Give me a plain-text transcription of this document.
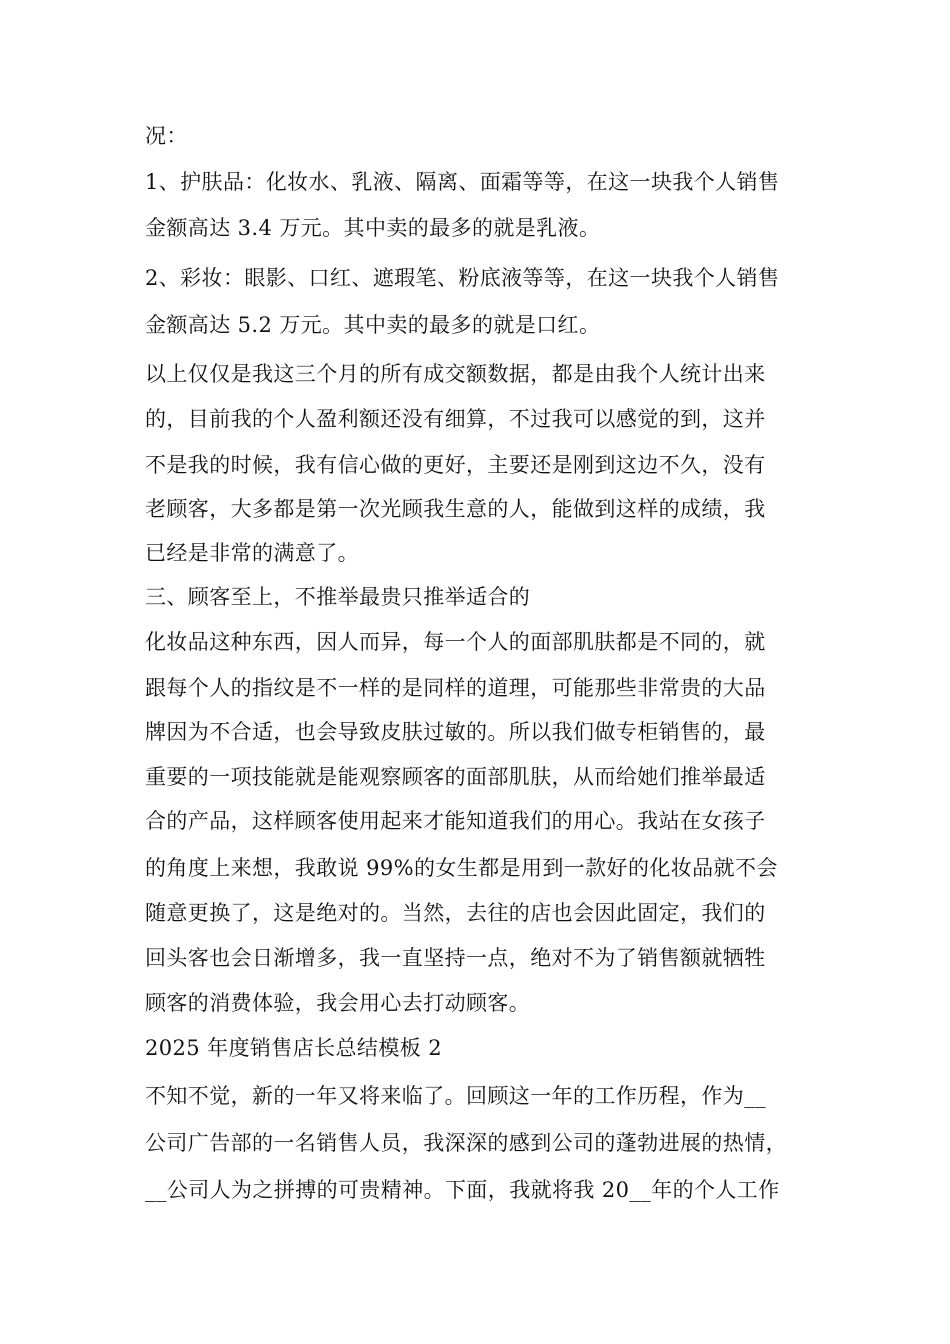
况：
1、护肤品：化妆水、乳液、隔离、面霜等等，在这一块我个人销售
金额高达 3.4 万元。其中卖的最多的就是乳液。
2、彩妆：眼影、口红、遮瑕笔、粉底液等等，在这一块我个人销售
金额高达 5.2 万元。其中卖的最多的就是口红。
以上仅仅是我这三个月的所有成交额数据，都是由我个人统计出来
的，目前我的个人盈利额还没有细算，不过我可以感觉的到，这并
不是我的时候，我有信心做的更好，主要还是刚到这边不久，没有
老顾客，大多都是第一次光顾我生意的人，能做到这样的成绩，我
已经是非常的满意了。
三、顾客至上，不推举最贵只推举适合的
化妆品这种东西，因人而异，每一个人的面部肌肤都是不同的，就
跟每个人的指纹是不一样的是同样的道理，可能那些非常贵的大品
牌因为不合适，也会导致皮肤过敏的。所以我们做专柜销售的，最
重要的一项技能就是能观察顾客的面部肌肤，从而给她们推举最适
合的产品，这样顾客使用起来才能知道我们的用心。我站在女孩子
的角度上来想，我敢说 99%的女生都是用到一款好的化妆品就不会
随意更换了，这是绝对的。当然，去往的店也会因此固定，我们的
回头客也会日渐增多，我一直坚持一点，绝对不为了销售额就牺牲
顾客的消费体验，我会用心去打动顾客。
2025 年度销售店长总结模板 2
不知不觉，新的一年又将来临了。回顾这一年的工作历程，作为__
公司广告部的一名销售人员，我深深的感到公司的蓬勃进展的热情，
__公司人为之拼搏的可贵精神。下面，我就将我 20__年的个人工作
